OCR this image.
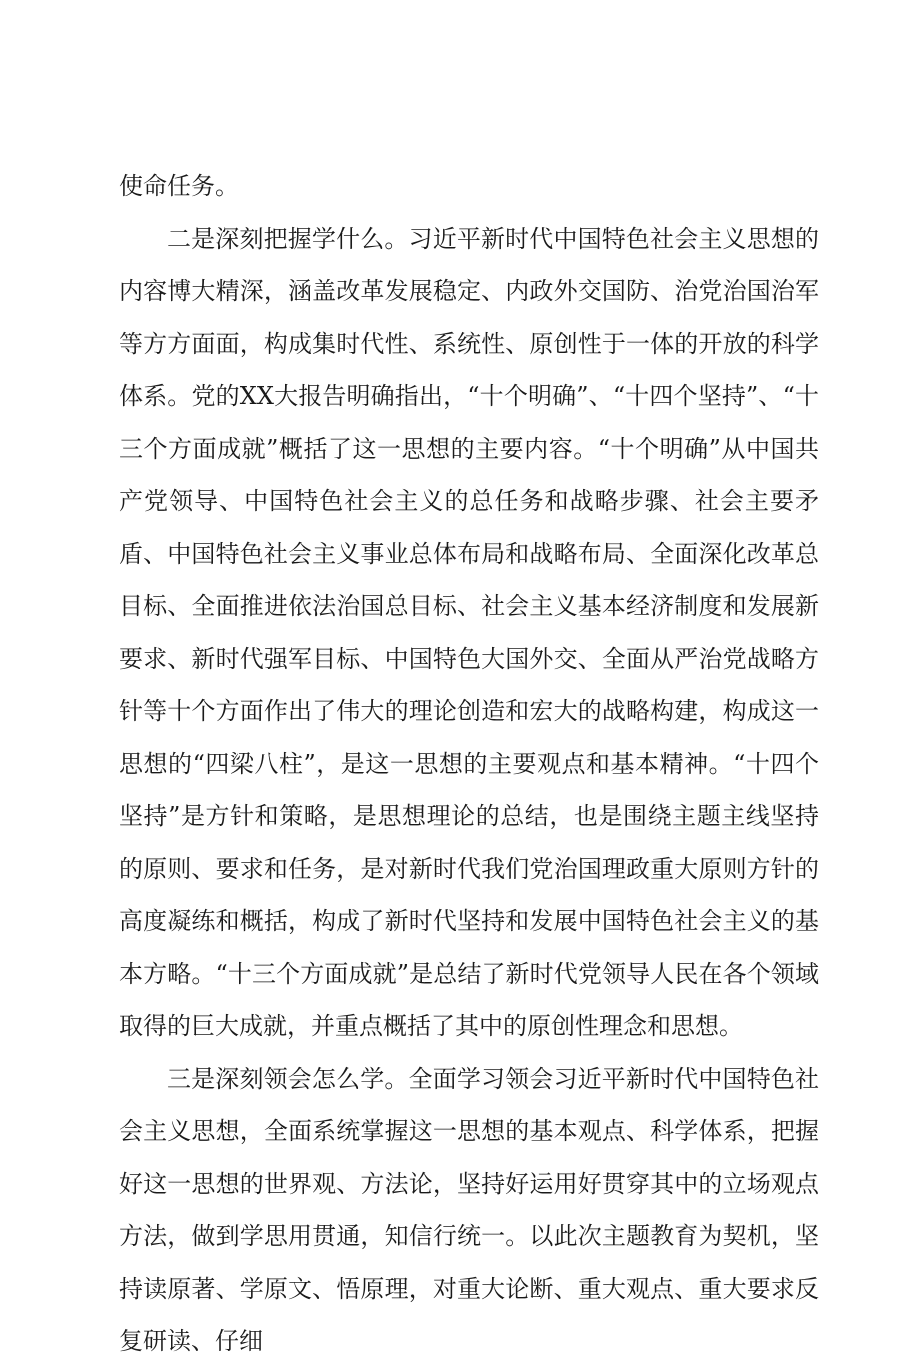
使命任务。

二是深刻把握学什么。习近平新时代中国特色社会主义思想的内容博大精深，涵盖改革发展稳定、内政外交国防、治党治国治军等方方面面，构成集时代性、系统性、原创性于一体的开放的科学体系。党的XX大报告明确指出，“十个明确”、“十四个坚持”、“十三个方面成就”概括了这一思想的主要内容。“十个明确”从中国共产党领导、中国特色社会主义的总任务和战略步骤、社会主要矛盾、中国特色社会主义事业总体布局和战略布局、全面深化改革总目标、全面推进依法治国总目标、社会主义基本经济制度和发展新要求、新时代强军目标、中国特色大国外交、全面从严治党战略方针等十个方面作出了伟大的理论创造和宏大的战略构建，构成这一思想的“四梁八柱”，是这一思想的主要观点和基本精神。“十四个坚持”是方针和策略，是思想理论的总结，也是围绕主题主线坚持的原则、要求和任务，是对新时代我们党治国理政重大原则方针的高度凝练和概括，构成了新时代坚持和发展中国特色社会主义的基本方略。“十三个方面成就”是总结了新时代党领导人民在各个领域取得的巨大成就，并重点概括了其中的原创性理念和思想。

三是深刻领会怎么学。全面学习领会习近平新时代中国特色社会主义思想，全面系统掌握这一思想的基本观点、科学体系，把握好这一思想的世界观、方法论，坚持好运用好贯穿其中的立场观点方法，做到学思用贯通，知信行统一。以此次主题教育为契机，坚持读原著、学原文、悟原理，对重大论断、重大观点、重大要求反复研读、仔细
